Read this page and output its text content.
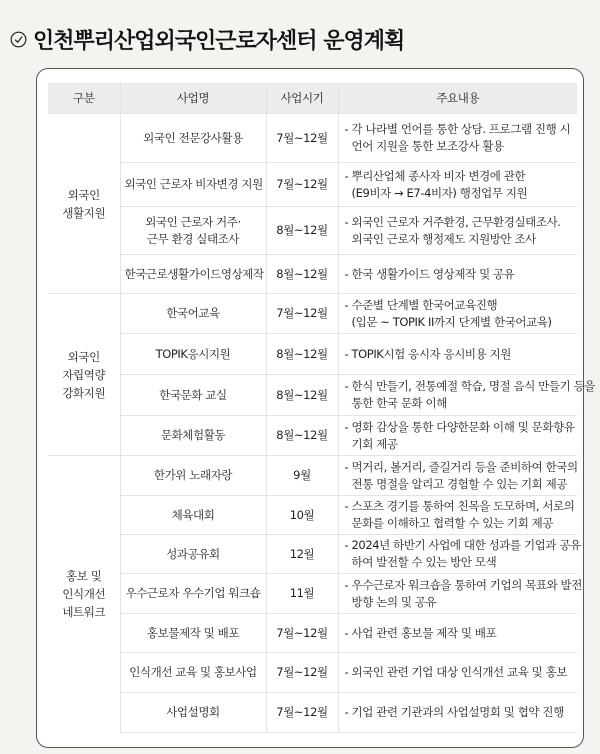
인천뿌리산업외국인근로자센터 운영계획
구분	사업명	사업시기	주요내용

외국인
생활지원	외국인 전문강사활용	7월~12월	- 각 나라별 언어를 통한 상담. 프로그램 진행 시
언어 지원을 통한 보조강사 활용

	외국인 근로자 비자변경 지원	7월~12월	- 뿌리산업체 종사자 비자 변경에 관한
(E9비자 → E7-4비자) 행정업무 지원

	외국인 근로자 거주·
근무 환경 실태조사	8월~12월	- 외국인 근로자 거주환경, 근무환경실태조사.
외국인 근로자 행정제도 지원방안 조사

	한국근로생활가이드영상제작	8월~12월	- 한국 생활가이드 영상제작 및 공유

외국인
자립역량
강화지원	한국어교육	7월~12월	- 수준별 단계별 한국어교육진행
(입문 ~ TOPIK II까지 단계별 한국어교육)

	TOPIK응시지원	8월~12월	- TOPIK시험 응시자 응시비용 지원

	한국문화 교실	8월~12월	- 한식 만들기, 전통예절 학습, 명절 음식 만들기 등을
통한 한국 문화 이해

	문화체험활동	8월~12월	- 영화 감상을 통한 다양한문화 이해 및 문화향유
기회 제공

홍보 및
인식개선
네트워크	한가위 노래자랑	9월	- 먹거리, 볼거리, 즐길거리 등을 준비하여 한국의
전통 명절을 알리고 경험할 수 있는 기회 제공

	체육대회	10월	- 스포츠 경기를 통하여 친목을 도모하며, 서로의
문화를 이해하고 협력할 수 있는 기회 제공

	성과공유회	12월	- 2024년 하반기 사업에 대한 성과를 기업과 공유
하여 발전할 수 있는 방안 모색

	우수근로자 우수기업 워크숍	11월	- 우수근로자 워크숍을 통하여 기업의 목표와 발전
방향 논의 및 공유

	홍보물제작 및 배포	7월~12월	- 사업 관련 홍보물 제작 및 배포

	인식개선 교육 및 홍보사업	7월~12월	- 외국인 관련 기업 대상 인식개선 교육 및 홍보

	사업설명회	7월~12월	- 기업 관련 기관과의 사업설명회 및 협약 진행
